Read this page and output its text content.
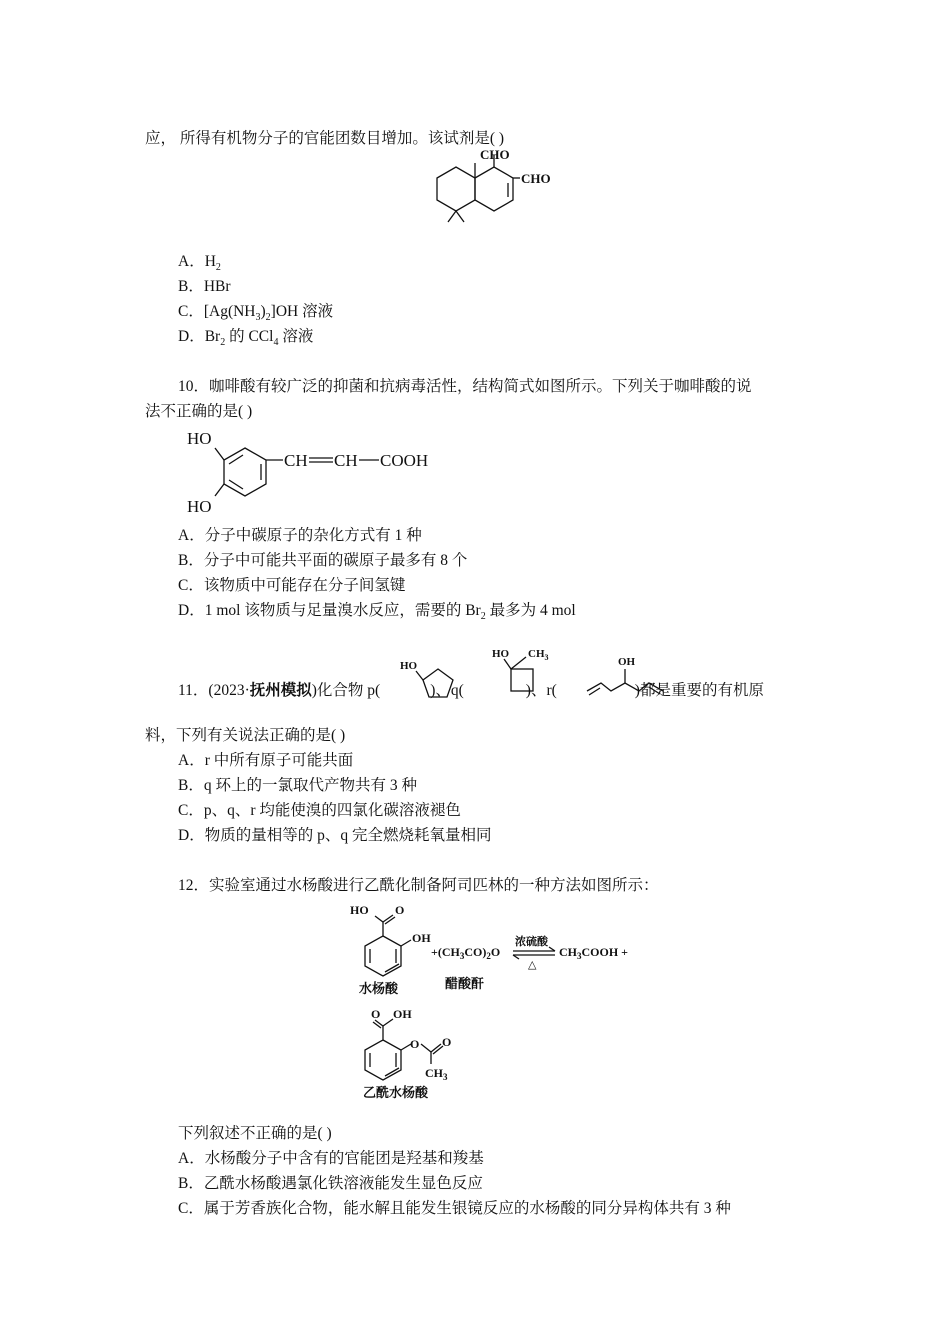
应， 所得有机物分子的官能团数目增加。该试剂是( )
CHO
CHO
A．$H_2$
B．HBr
C．$[Ag(NH_3)_2]OH$ 溶液
D．$Br_2$ 的 CCl$_4$ 溶液
10．咖啡酸有较广泛的抑菌和抗病毒活性，结构简式如图所示。下列关于咖啡酸的说
法不正确的是( )
HO
HO
CH CH COOH
A．分子中碳原子的杂化方式有 1 种
B．分子中可能共平面的碳原子最多有 8 个
C．该物质中可能存在分子间氢键
D．1 mol 该物质与足量溴水反应，需要的 $Br_2$ 最多为 4 mol
11．(2023·抚州模拟)化合物 p(	)、q(	)、r(	)都是重要的有机原
HO
HO $CH_3$	OH
料，下列有关说法正确的是( )
A．r 中所有原子可能共面
B．q 环上的一氯取代产物共有 3 种
C．p、q、r 均能使溴的四氯化碳溶液褪色
D．物质的量相等的 p、q 完全燃烧耗氧量相同
12．实验室通过水杨酸进行乙酰化制备阿司匹林的一种方法如图所示：
HO O
OH
$+(CH_3CO)_2O$
浓硫酸
△
$CH_3COOH$ +
水杨酸	醋酸酐
O OH
O O
$CH_3$
乙酰水杨酸
下列叙述不正确的是( )
A．水杨酸分子中含有的官能团是羟基和羧基
B．乙酰水杨酸遇氯化铁溶液能发生显色反应
C．属于芳香族化合物，能水解且能发生银镜反应的水杨酸的同分异构体共有 3 种
